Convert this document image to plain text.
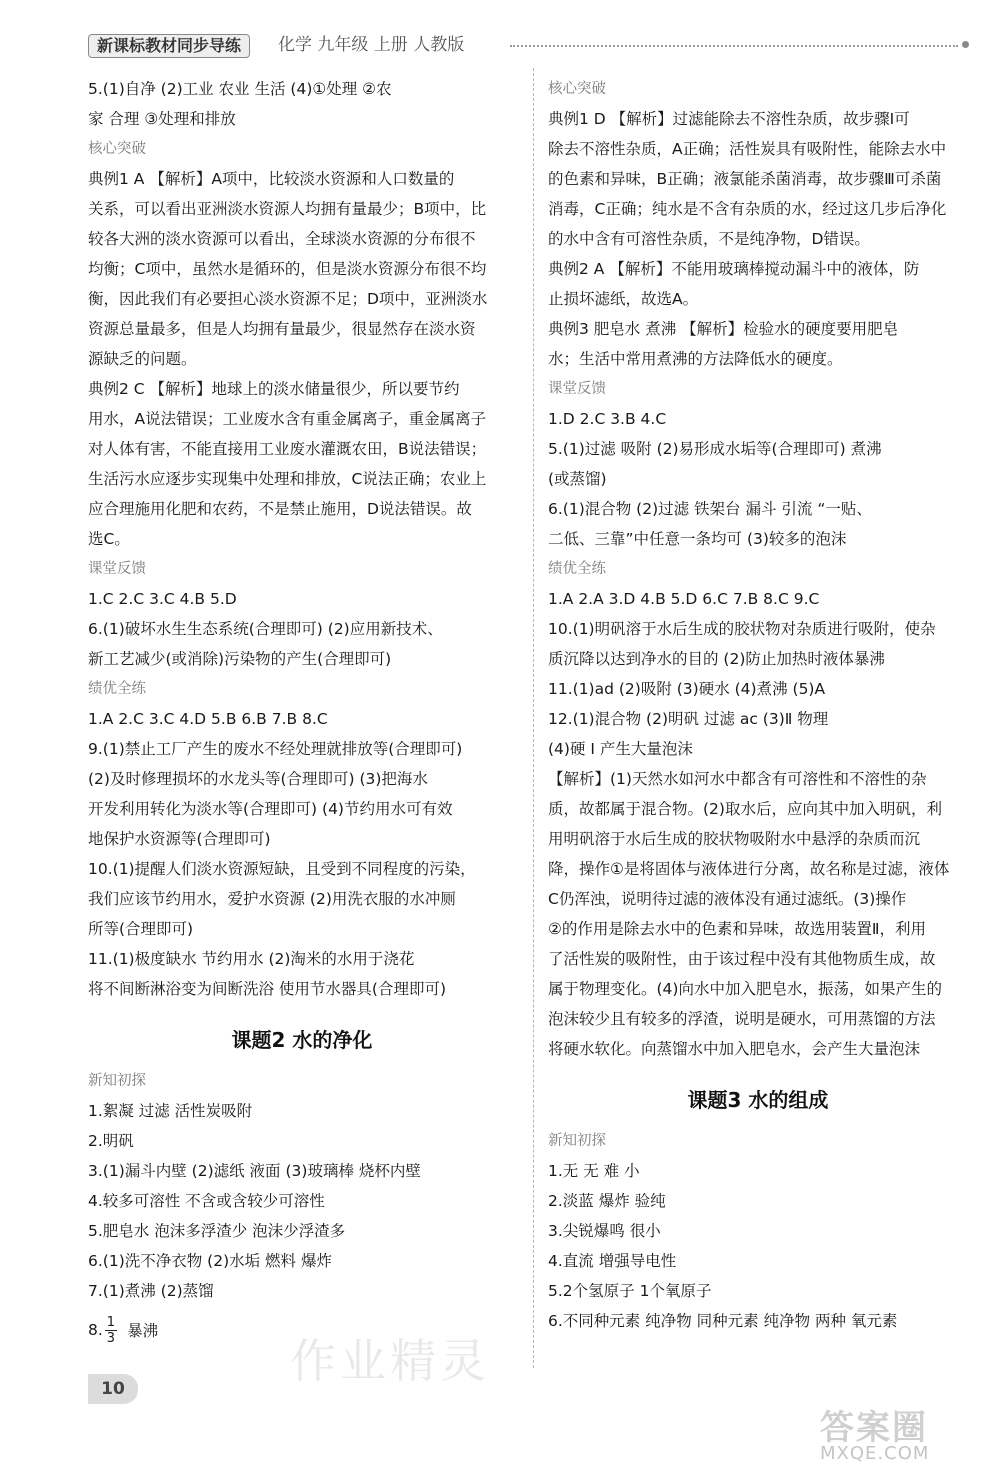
新课标教材同步导练	化学 九年级 上册 人教版
5.(1)自净 (2)工业 农业 生活 (4)①处理 ②农
家 合理 ③处理和排放
核心突破
典例1 A 【解析】A项中，比较淡水资源和人口数量的
关系，可以看出亚洲淡水资源人均拥有量最少；B项中，比
较各大洲的淡水资源可以看出，全球淡水资源的分布很不
均衡；C项中，虽然水是循环的，但是淡水资源分布很不均
衡，因此我们有必要担心淡水资源不足；D项中，亚洲淡水
资源总量最多，但是人均拥有量最少，很显然存在淡水资
源缺乏的问题。
典例2 C 【解析】地球上的淡水储量很少，所以要节约
用水，A说法错误；工业废水含有重金属离子，重金属离子
对人体有害，不能直接用工业废水灌溉农田，B说法错误；
生活污水应逐步实现集中处理和排放，C说法正确；农业上
应合理施用化肥和农药，不是禁止施用，D说法错误。故
选C。
课堂反馈
1.C 2.C 3.C 4.B 5.D
6.(1)破坏水生生态系统(合理即可) (2)应用新技术、
新工艺减少(或消除)污染物的产生(合理即可)
绩优全练
1.A 2.C 3.C 4.D 5.B 6.B 7.B 8.C
9.(1)禁止工厂产生的废水不经处理就排放等(合理即可)
(2)及时修理损坏的水龙头等(合理即可) (3)把海水
开发利用转化为淡水等(合理即可) (4)节约用水可有效
地保护水资源等(合理即可)
10.(1)提醒人们淡水资源短缺，且受到不同程度的污染，
我们应该节约用水，爱护水资源 (2)用洗衣服的水冲厕
所等(合理即可)
11.(1)极度缺水 节约用水 (2)淘米的水用于浇花
将不间断淋浴变为间断洗浴 使用节水器具(合理即可)
课题2 水的净化
新知初探
1.絮凝 过滤 活性炭吸附
2.明矾
3.(1)漏斗内壁 (2)滤纸 液面 (3)玻璃棒 烧杯内壁
4.较多可溶性 不含或含较少可溶性
5.肥皂水 泡沫多浮渣少 泡沫少浮渣多
6.(1)洗不净衣物 (2)水垢 燃料 爆炸
7.(1)煮沸 (2)蒸馏
8. $\frac{1}{3}$ 暴沸
核心突破
典例1 D 【解析】过滤能除去不溶性杂质，故步骤Ⅰ可
除去不溶性杂质，A正确；活性炭具有吸附性，能除去水中
的色素和异味，B正确；液氯能杀菌消毒，故步骤Ⅲ可杀菌
消毒，C正确；纯水是不含有杂质的水，经过这几步后净化
的水中含有可溶性杂质，不是纯净物，D错误。
典例2 A 【解析】不能用玻璃棒搅动漏斗中的液体，防
止损坏滤纸，故选A。
典例3 肥皂水 煮沸 【解析】检验水的硬度要用肥皂
水；生活中常用煮沸的方法降低水的硬度。
课堂反馈
1.D 2.C 3.B 4.C
5.(1)过滤 吸附 (2)易形成水垢等(合理即可) 煮沸
(或蒸馏)
6.(1)混合物 (2)过滤 铁架台 漏斗 引流 “一贴、
二低、三靠”中任意一条均可 (3)较多的泡沫
绩优全练
1.A 2.A 3.D 4.B 5.D 6.C 7.B 8.C 9.C
10.(1)明矾溶于水后生成的胶状物对杂质进行吸附，使杂
质沉降以达到净水的目的 (2)防止加热时液体暴沸
11.(1)ad (2)吸附 (3)硬水 (4)煮沸 (5)A
12.(1)混合物 (2)明矾 过滤 ac (3)Ⅱ 物理
(4)硬 Ⅰ 产生大量泡沫
【解析】(1)天然水如河水中都含有可溶性和不溶性的杂
质，故都属于混合物。(2)取水后，应向其中加入明矾，利
用明矾溶于水后生成的胶状物吸附水中悬浮的杂质而沉
降，操作①是将固体与液体进行分离，故名称是过滤，液体
C仍浑浊，说明待过滤的液体没有通过滤纸。(3)操作
②的作用是除去水中的色素和异味，故选用装置Ⅱ，利用
了活性炭的吸附性，由于该过程中没有其他物质生成，故
属于物理变化。(4)向水中加入肥皂水，振荡，如果产生的
泡沫较少且有较多的浮渣，说明是硬水，可用蒸馏的方法
将硬水软化。向蒸馏水中加入肥皂水，会产生大量泡沫
课题3 水的组成
新知初探
1.无 无 难 小
2.淡蓝 爆炸 验纯
3.尖锐爆鸣 很小
4.直流 增强导电性
5.2个氢原子 1个氧原子
6.不同种元素 纯净物 同种元素 纯净物 两种 氧元素
作业精灵
10
答案圈
MXQE.COM
